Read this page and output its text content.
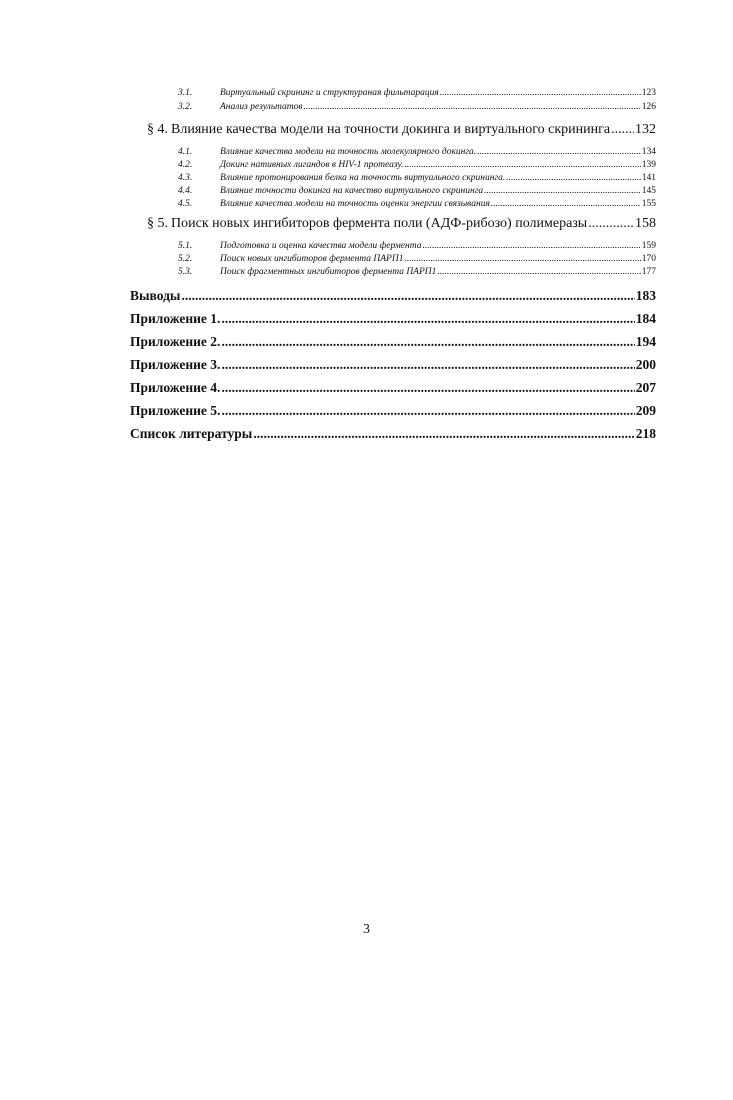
3.1.	Виртуальный скрининг и структураная фильтарация .....	123
3.2.	Анализ результатов .....	126
§ 4. Влияние качества модели на точности докинга и виртуального скрининга ..... 132
4.1.	Влияние качества модели на точность молекулярного докинга. .....	134
4.2.	Докинг нативных лигандов в HIV-1 протеазу. .....	139
4.3.	Влияние протонирования белка на точность виртуального скрининга. .....	141
4.4.	Влияние точности докинга на качество виртуального скрининга .....	145
4.5.	Влияние качества модели на точность оценки энергии связывания .....	155
§ 5. Поиск новых ингибиторов фермента поли (АДФ-рибозо) полимеразы .....	158
5.1.	Подготовка и оценка качества модели фермента .....	159
5.2.	Поиск новых ингибиторов фермента ПАРП1 .....	170
5.3.	Поиск фрагментных ингибиторов фермента ПАРП1 .....	177
Выводы .....	183
Приложение 1. .....	184
Приложение 2. .....	194
Приложение 3. .....	200
Приложение 4. .....	207
Приложение 5. .....	209
Список литературы .....	218
3
